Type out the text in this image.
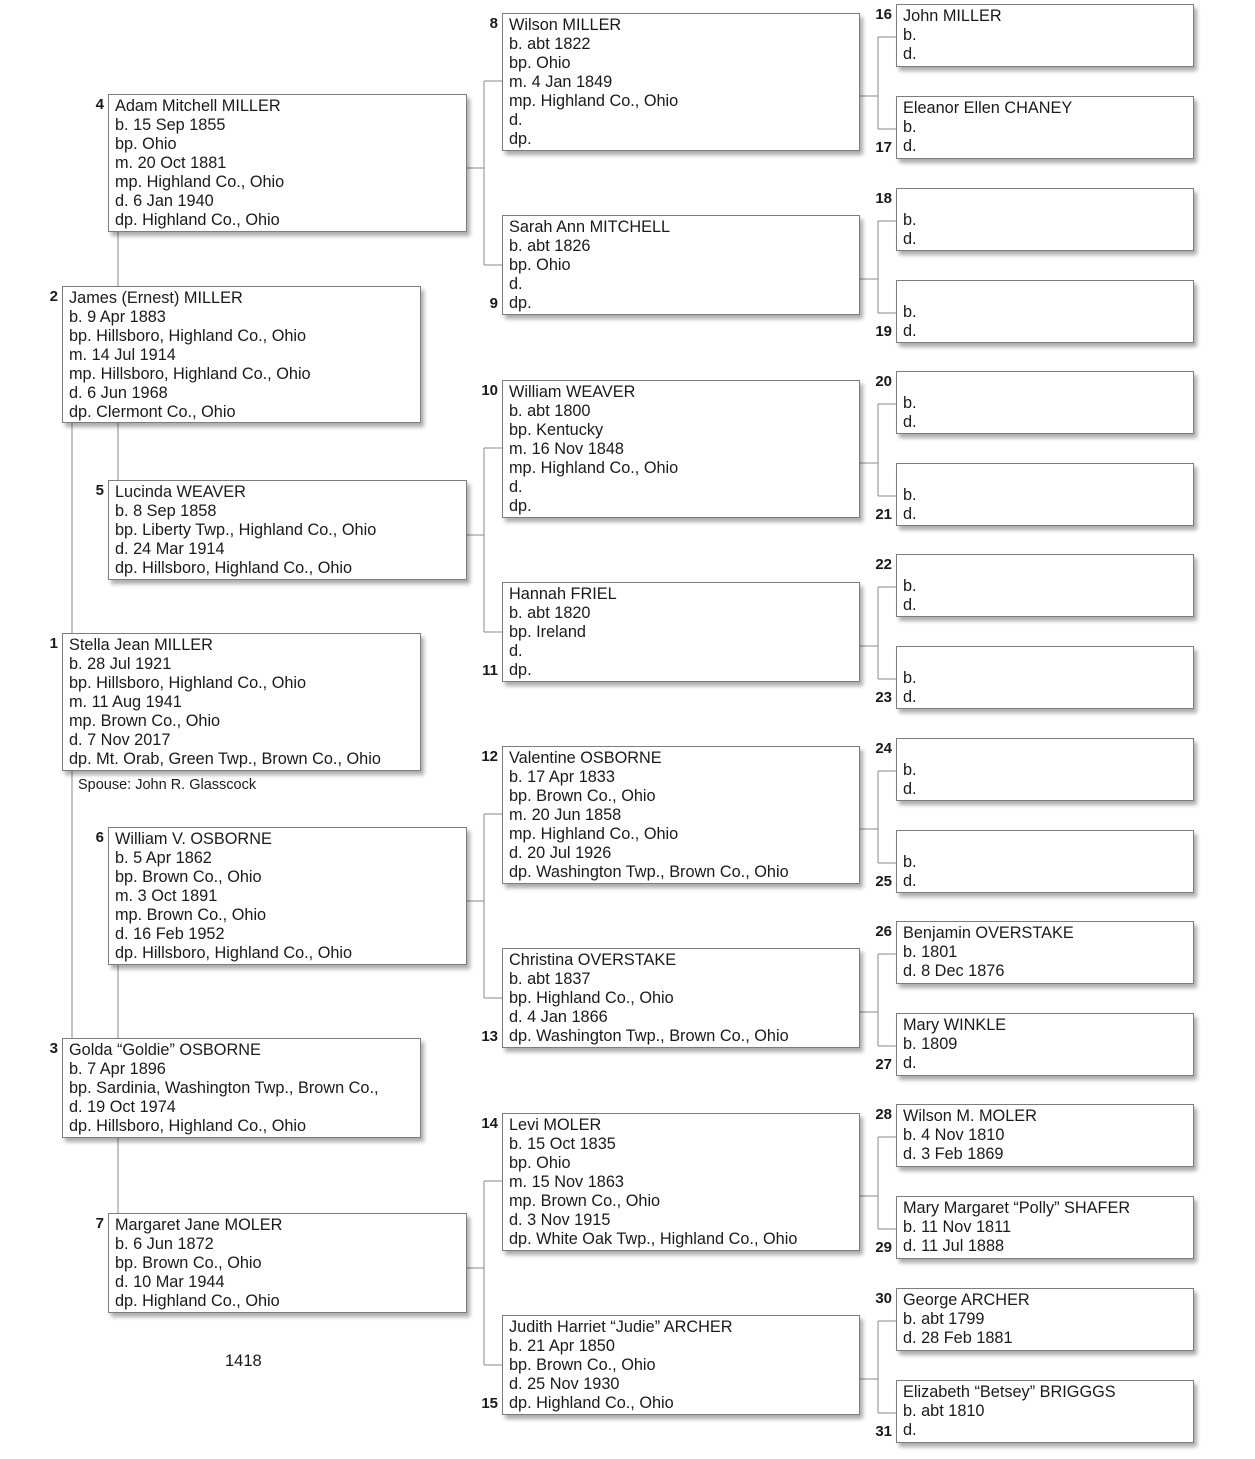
Stella Jean MILLER
b. 28 Jul 1921
bp. Hillsboro, Highland Co., Ohio
m. 11 Aug 1941
mp. Brown Co., Ohio
d. 7 Nov 2017
dp. Mt. Orab, Green Twp., Brown Co., Ohio
1
James (Ernest) MILLER
b. 9 Apr 1883
bp. Hillsboro, Highland Co., Ohio
m. 14 Jul 1914
mp. Hillsboro, Highland Co., Ohio
d. 6 Jun 1968
dp. Clermont Co., Ohio
2
Golda “Goldie” OSBORNE
b. 7 Apr 1896
bp. Sardinia, Washington Twp., Brown Co.,
d. 19 Oct 1974
dp. Hillsboro, Highland Co., Ohio
3
Adam Mitchell MILLER
b. 15 Sep 1855
bp. Ohio
m. 20 Oct 1881
mp. Highland Co., Ohio
d. 6 Jan 1940
dp. Highland Co., Ohio
4
Lucinda WEAVER
b. 8 Sep 1858
bp. Liberty Twp., Highland Co., Ohio
d. 24 Mar 1914
dp. Hillsboro, Highland Co., Ohio
5
William V. OSBORNE
b. 5 Apr 1862
bp. Brown Co., Ohio
m. 3 Oct 1891
mp. Brown Co., Ohio
d. 16 Feb 1952
dp. Hillsboro, Highland Co., Ohio
6
Margaret Jane MOLER
b. 6 Jun 1872
bp. Brown Co., Ohio
d. 10 Mar 1944
dp. Highland Co., Ohio
7
Wilson MILLER
b. abt 1822
bp. Ohio
m. 4 Jan 1849
mp. Highland Co., Ohio
d.
dp.
8
Sarah Ann MITCHELL
b. abt 1826
bp. Ohio
d.
dp.
9
William WEAVER
b. abt 1800
bp. Kentucky
m. 16 Nov 1848
mp. Highland Co., Ohio
d.
dp.
10
Hannah FRIEL
b. abt 1820
bp. Ireland
d.
dp.
11
Valentine OSBORNE
b. 17 Apr 1833
bp. Brown Co., Ohio
m. 20 Jun 1858
mp. Highland Co., Ohio
d. 20 Jul 1926
dp. Washington Twp., Brown Co., Ohio
12
Christina OVERSTAKE
b. abt 1837
bp. Highland Co., Ohio
d. 4 Jan 1866
dp. Washington Twp., Brown Co., Ohio
13
Levi MOLER
b. 15 Oct 1835
bp. Ohio
m. 15 Nov 1863
mp. Brown Co., Ohio
d. 3 Nov 1915
dp. White Oak Twp., Highland Co., Ohio
14
Judith Harriet “Judie” ARCHER
b. 21 Apr 1850
bp. Brown Co., Ohio
d. 25 Nov 1930
dp. Highland Co., Ohio
15
John MILLER
b.
d.
16
Eleanor Ellen CHANEY
b.
d.
17
b.
d.
18
b.
d.
19
b.
d.
20
b.
d.
21
b.
d.
22
b.
d.
23
b.
d.
24
b.
d.
25
Benjamin OVERSTAKE
b. 1801
d. 8 Dec 1876
26
Mary WINKLE
b. 1809
d.
27
Wilson M. MOLER
b. 4 Nov 1810
d. 3 Feb 1869
28
Mary Margaret “Polly” SHAFER
b. 11 Nov 1811
d. 11 Jul 1888
29
George ARCHER
b. abt 1799
d. 28 Feb 1881
30
Elizabeth “Betsey” BRIGGGS
b. abt 1810
d.
31
Spouse: John R. Glasscock
1418
